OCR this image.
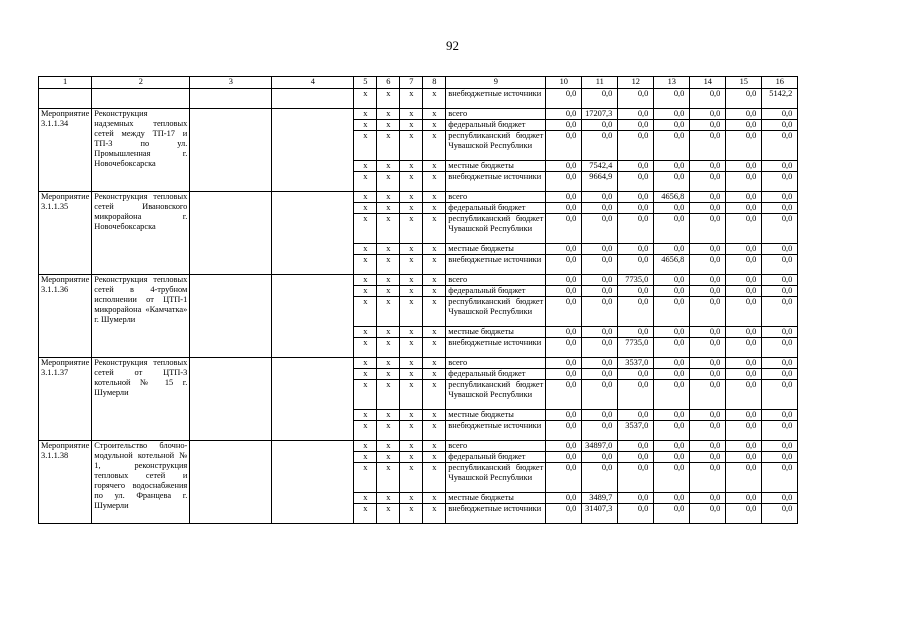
92
1	2	3	4	5	6	7	8	9	10	11	12	13	14	15	16
				x	x	x	x	внебюджетные источники	0,0	0,0	0,0	0,0	0,0	0,0	5142,2
Мероприятие 3.1.1.34	Реконструкция надземных тепловых сетей между ТП-17 и ТП-3 по ул. Промышленная г. Новочебоксарска			x	x	x	x	всего	0,0	17207,3	0,0	0,0	0,0	0,0	0,0
				x	x	x	x	федеральный бюджет	0,0	0,0	0,0	0,0	0,0	0,0	0,0
				x	x	x	x	республиканский бюджет Чувашской Республики	0,0	0,0	0,0	0,0	0,0	0,0	0,0
				x	x	x	x	местные бюджеты	0,0	7542,4	0,0	0,0	0,0	0,0	0,0
				x	x	x	x	внебюджетные источники	0,0	9664,9	0,0	0,0	0,0	0,0	0,0
Мероприятие 3.1.1.35	Реконструкция тепловых сетей Ивановского микрорайона г. Новочебоксарска			x	x	x	x	всего	0,0	0,0	0,0	4656,8	0,0	0,0	0,0
				x	x	x	x	федеральный бюджет	0,0	0,0	0,0	0,0	0,0	0,0	0,0
				x	x	x	x	республиканский бюджет Чувашской Республики	0,0	0,0	0,0	0,0	0,0	0,0	0,0
				x	x	x	x	местные бюджеты	0,0	0,0	0,0	0,0	0,0	0,0	0,0
				x	x	x	x	внебюджетные источники	0,0	0,0	0,0	4656,8	0,0	0,0	0,0
Мероприятие 3.1.1.36	Реконструкция тепловых сетей в 4-трубном исполнении от ЦТП-1 микрорайона «Камчатка» г. Шумерли			x	x	x	x	всего	0,0	0,0	7735,0	0,0	0,0	0,0	0,0
				x	x	x	x	федеральный бюджет	0,0	0,0	0,0	0,0	0,0	0,0	0,0
				x	x	x	x	республиканский бюджет Чувашской Республики	0,0	0,0	0,0	0,0	0,0	0,0	0,0
				x	x	x	x	местные бюджеты	0,0	0,0	0,0	0,0	0,0	0,0	0,0
				x	x	x	x	внебюджетные источники	0,0	0,0	7735,0	0,0	0,0	0,0	0,0
Мероприятие 3.1.1.37	Реконструкция тепловых сетей от ЦТП-3 котельной № 15 г. Шумерли			x	x	x	x	всего	0,0	0,0	3537,0	0,0	0,0	0,0	0,0
				x	x	x	x	федеральный бюджет	0,0	0,0	0,0	0,0	0,0	0,0	0,0
				x	x	x	x	республиканский бюджет Чувашской Республики	0,0	0,0	0,0	0,0	0,0	0,0	0,0
				x	x	x	x	местные бюджеты	0,0	0,0	0,0	0,0	0,0	0,0	0,0
				x	x	x	x	внебюджетные источники	0,0	0,0	3537,0	0,0	0,0	0,0	0,0
Мероприятие 3.1.1.38	Строительство блочно-модульной котельной № 1, реконструкция тепловых сетей и горячего водоснабжения по ул. Францева г. Шумерли			x	x	x	x	всего	0,0	34897,0	0,0	0,0	0,0	0,0	0,0
				x	x	x	x	федеральный бюджет	0,0	0,0	0,0	0,0	0,0	0,0	0,0
				x	x	x	x	республиканский бюджет Чувашской Республики	0,0	0,0	0,0	0,0	0,0	0,0	0,0
				x	x	x	x	местные бюджеты	0,0	3489,7	0,0	0,0	0,0	0,0	0,0
				x	x	x	x	внебюджетные источники	0,0	31407,3	0,0	0,0	0,0	0,0	0,0
